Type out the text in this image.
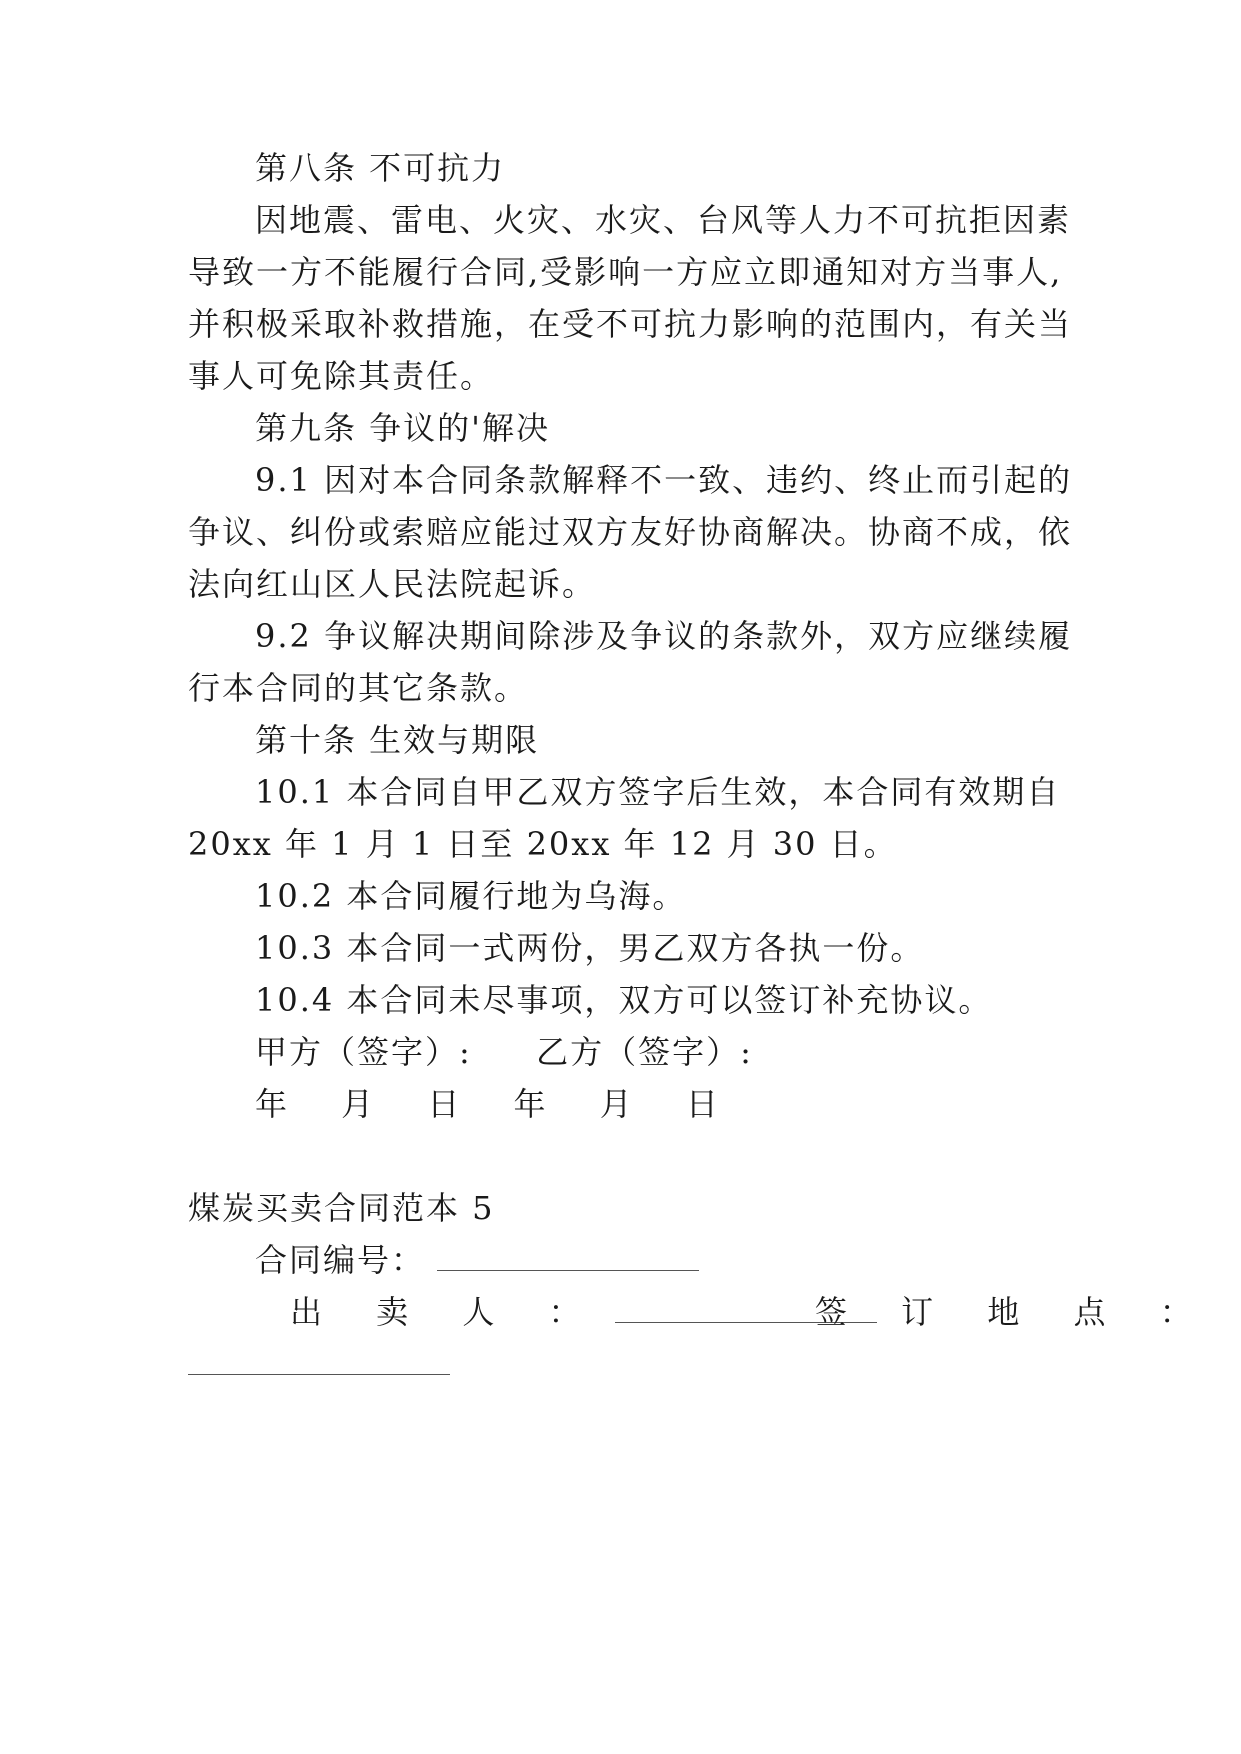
第八条 不可抗力
因地震、雷电、火灾、水灾、台风等人力不可抗拒因素
导致一方不能履行合同,受影响一方应立即通知对方当事人,
并积极采取补救措施，在受不可抗力影响的范围内，有关当
事人可免除其责任。
第九条 争议的'解决
9.1 因对本合同条款解释不一致、违约、终止而引起的
争议、纠份或索赔应能过双方友好协商解决。协商不成，依
法向红山区人民法院起诉。
9.2 争议解决期间除涉及争议的条款外，双方应继续履
行本合同的其它条款。
第十条 生效与期限
10.1 本合同自甲乙双方签字后生效，本合同有效期自
20xx 年 1 月 1 日至 20xx 年 12 月 30 日。
10.2 本合同履行地为乌海。
10.3 本合同一式两份，男乙双方各执一份。
10.4 本合同未尽事项，双方可以签订补充协议。
甲方（签字）: 乙方（签字）:
年 月 日 年 月 日
煤炭买卖合同范本 5
合同编号：
出 卖 人 ：	签 订 地 点 ：
